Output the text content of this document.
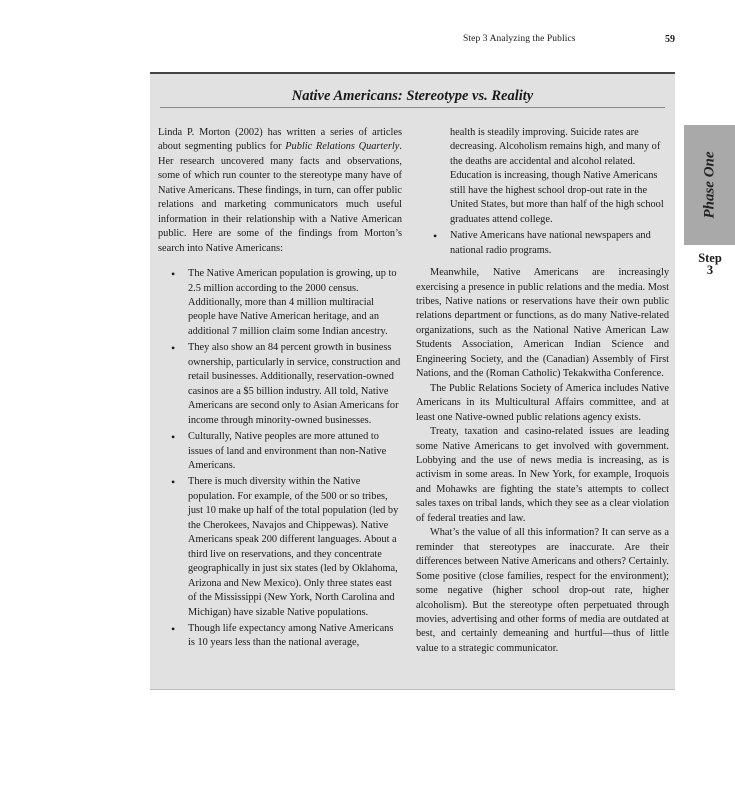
Step 3 Analyzing the Publics	59
Native Americans: Stereotype vs. Reality

Linda P. Morton (2002) has written a series of articles about segmenting publics for Public Relations Quarterly. Her research uncovered many facts and observations, some of which run counter to the stereotype many have of Native Americans. These findings, in turn, can offer public relations and marketing communicators much useful information in their relationship with a Native American public. Here are some of the findings from Morton’s search into Native Americans:

• The Native American population is growing, up to 2.5 million according to the 2000 census. Additionally, more than 4 million multiracial people have Native American heritage, and an additional 7 million claim some Indian ancestry.
• They also show an 84 percent growth in business ownership, particularly in service, construction and retail businesses. Additionally, reservation-owned casinos are a $5 billion industry. All told, Native Americans are second only to Asian Americans for income through minority-owned businesses.
• Culturally, Native peoples are more attuned to issues of land and environment than non-Native Americans.
• There is much diversity within the Native population. For example, of the 500 or so tribes, just 10 make up half of the total population (led by the Cherokees, Navajos and Chippewas). Native Americans speak 200 different languages. About a third live on reservations, and they concentrate geographically in just six states (led by Oklahoma, Arizona and New Mexico). Only three states east of the Mississippi (New York, North Carolina and Michigan) have sizable Native populations.
• Though life expectancy among Native Americans is 10 years less than the national average,
health is steadily improving. Suicide rates are decreasing. Alcoholism remains high, and many of the deaths are accidental and alcohol related. Education is increasing, though Native Americans still have the highest school drop-out rate in the United States, but more than half of the high school graduates attend college.
• Native Americans have national newspapers and national radio programs.

Meanwhile, Native Americans are increasingly exercising a presence in public relations and the media. Most tribes, Native nations or reservations have their own public relations department or functions, as do many Native-related organizations, such as the National Native American Law Students Association, American Indian Science and Engineering Society, and the (Canadian) Assembly of First Nations, and the (Roman Catholic) Tekakwitha Conference.

The Public Relations Society of America includes Native Americans in its Multicultural Affairs committee, and at least one Native-owned public relations agency exists.

Treaty, taxation and casino-related issues are leading some Native Americans to get involved with government. Lobbying and the use of news media is increasing, as is activism in some areas. In New York, for example, Iroquois and Mohawks are fighting the state’s attempts to collect sales taxes on tribal lands, which they see as a clear violation of federal treaties and law.

What’s the value of all this information? It can serve as a reminder that stereotypes are inaccurate. Are their differences between Native Americans and others? Certainly. Some positive (close families, respect for the environment); some negative (higher school drop-out rate, higher alcoholism). But the stereotype often perpetuated through movies, advertising and other forms of media are outdated at best, and certainly demeaning and hurtful—thus of little value to a strategic communicator.

Phase One
Step
3
